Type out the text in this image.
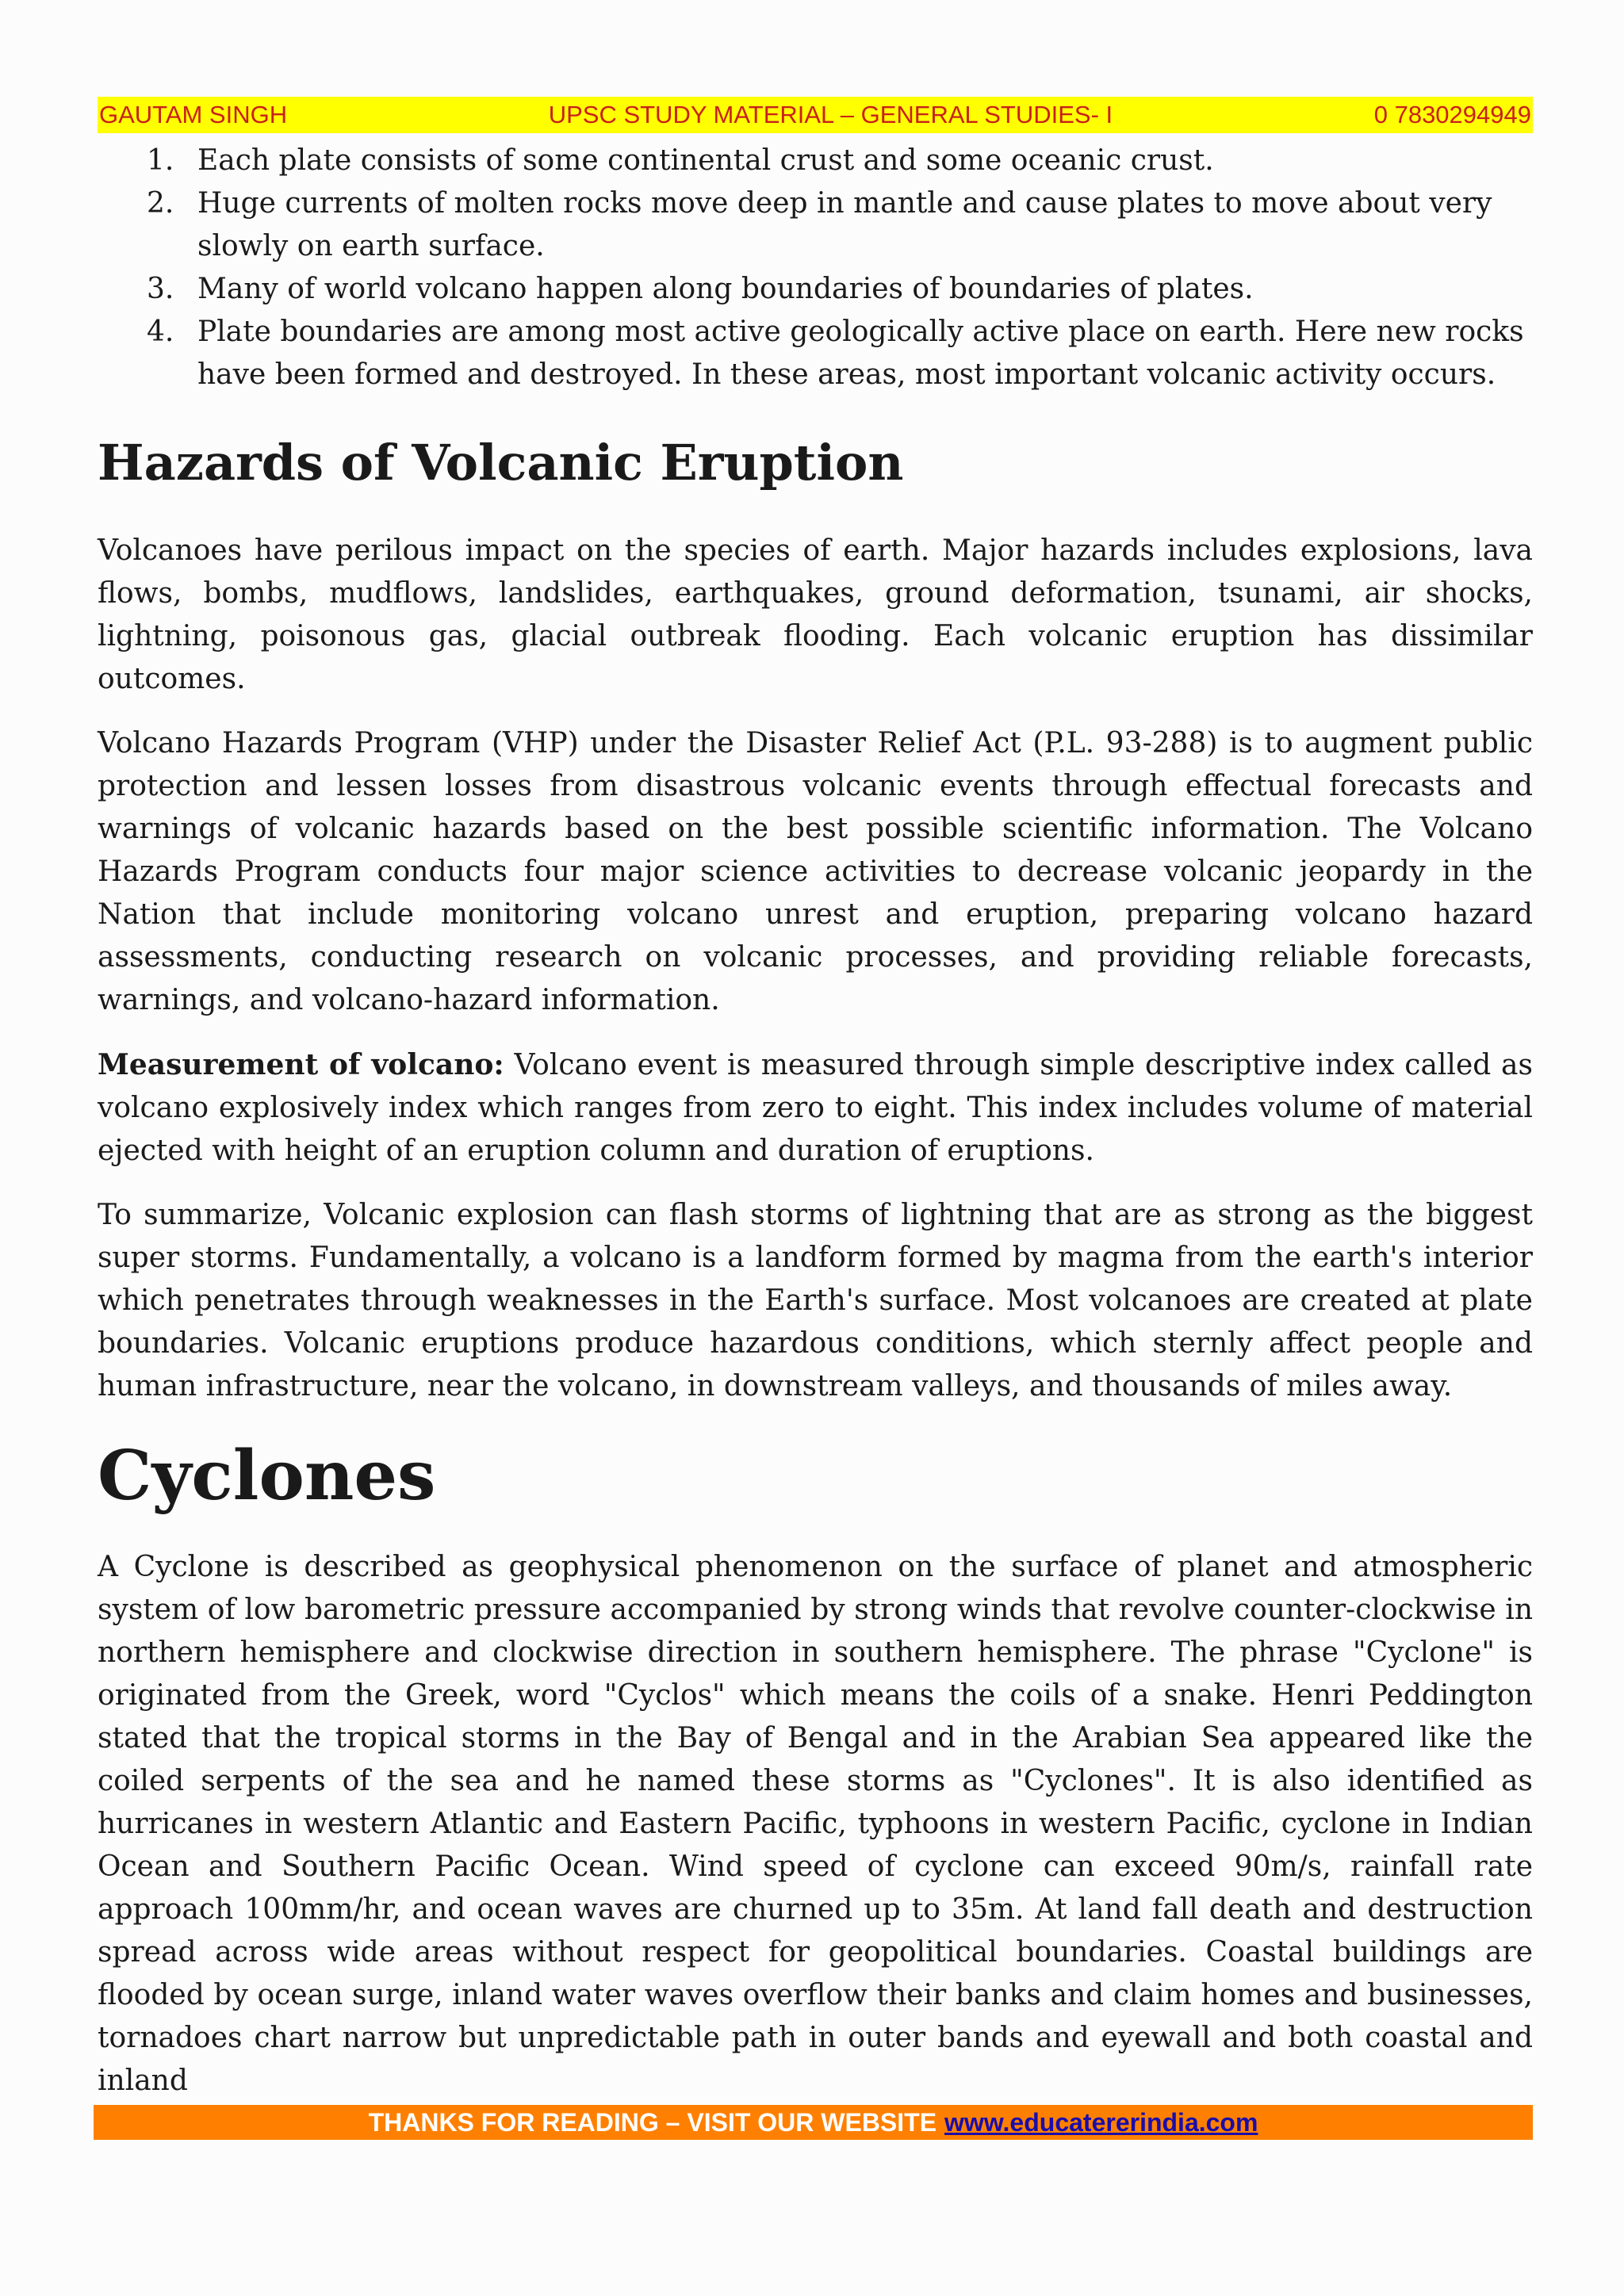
GAUTAM SINGH	UPSC STUDY MATERIAL – GENERAL STUDIES- I	0 7830294949
1. Each plate consists of some continental crust and some oceanic crust.
2. Huge currents of molten rocks move deep in mantle and cause plates to move about very slowly on earth surface.
3. Many of world volcano happen along boundaries of boundaries of plates.
4. Plate boundaries are among most active geologically active place on earth. Here new rocks have been formed and destroyed. In these areas, most important volcanic activity occurs.
Hazards of Volcanic Eruption

Volcanoes have perilous impact on the species of earth. Major hazards includes explosions, lava flows, bombs, mudflows, landslides, earthquakes, ground deformation, tsunami, air shocks, lightning, poisonous gas, glacial outbreak flooding. Each volcanic eruption has dissimilar outcomes.

Volcano Hazards Program (VHP) under the Disaster Relief Act (P.L. 93-288) is to augment public protection and lessen losses from disastrous volcanic events through effectual forecasts and warnings of volcanic hazards based on the best possible scientific information. The Volcano Hazards Program conducts four major science activities to decrease volcanic jeopardy in the Nation that include monitoring volcano unrest and eruption, preparing volcano hazard assessments, conducting research on volcanic processes, and providing reliable forecasts, warnings, and volcano-hazard information.

Measurement of volcano: Volcano event is measured through simple descriptive index called as volcano explosively index which ranges from zero to eight. This index includes volume of material ejected with height of an eruption column and duration of eruptions.

To summarize, Volcanic explosion can flash storms of lightning that are as strong as the biggest super storms. Fundamentally, a volcano is a landform formed by magma from the earth's interior which penetrates through weaknesses in the Earth's surface. Most volcanoes are created at plate boundaries. Volcanic eruptions produce hazardous conditions, which sternly affect people and human infrastructure, near the volcano, in downstream valleys, and thousands of miles away.

Cyclones

A Cyclone is described as geophysical phenomenon on the surface of planet and atmospheric system of low barometric pressure accompanied by strong winds that revolve counter-clockwise in northern hemisphere and clockwise direction in southern hemisphere. The phrase "Cyclone" is originated from the Greek, word "Cyclos" which means the coils of a snake. Henri Peddington stated that the tropical storms in the Bay of Bengal and in the Arabian Sea appeared like the coiled serpents of the sea and he named these storms as "Cyclones". It is also identified as hurricanes in western Atlantic and Eastern Pacific, typhoons in western Pacific, cyclone in Indian Ocean and Southern Pacific Ocean. Wind speed of cyclone can exceed 90m/s, rainfall rate approach 100mm/hr, and ocean waves are churned up to 35m. At land fall death and destruction spread across wide areas without respect for geopolitical boundaries. Coastal buildings are flooded by ocean surge, inland water waves overflow their banks and claim homes and businesses, tornadoes chart narrow but unpredictable path in outer bands and eyewall and both coastal and inland

THANKS FOR READING – VISIT OUR WEBSITE www.educatererindia.com
